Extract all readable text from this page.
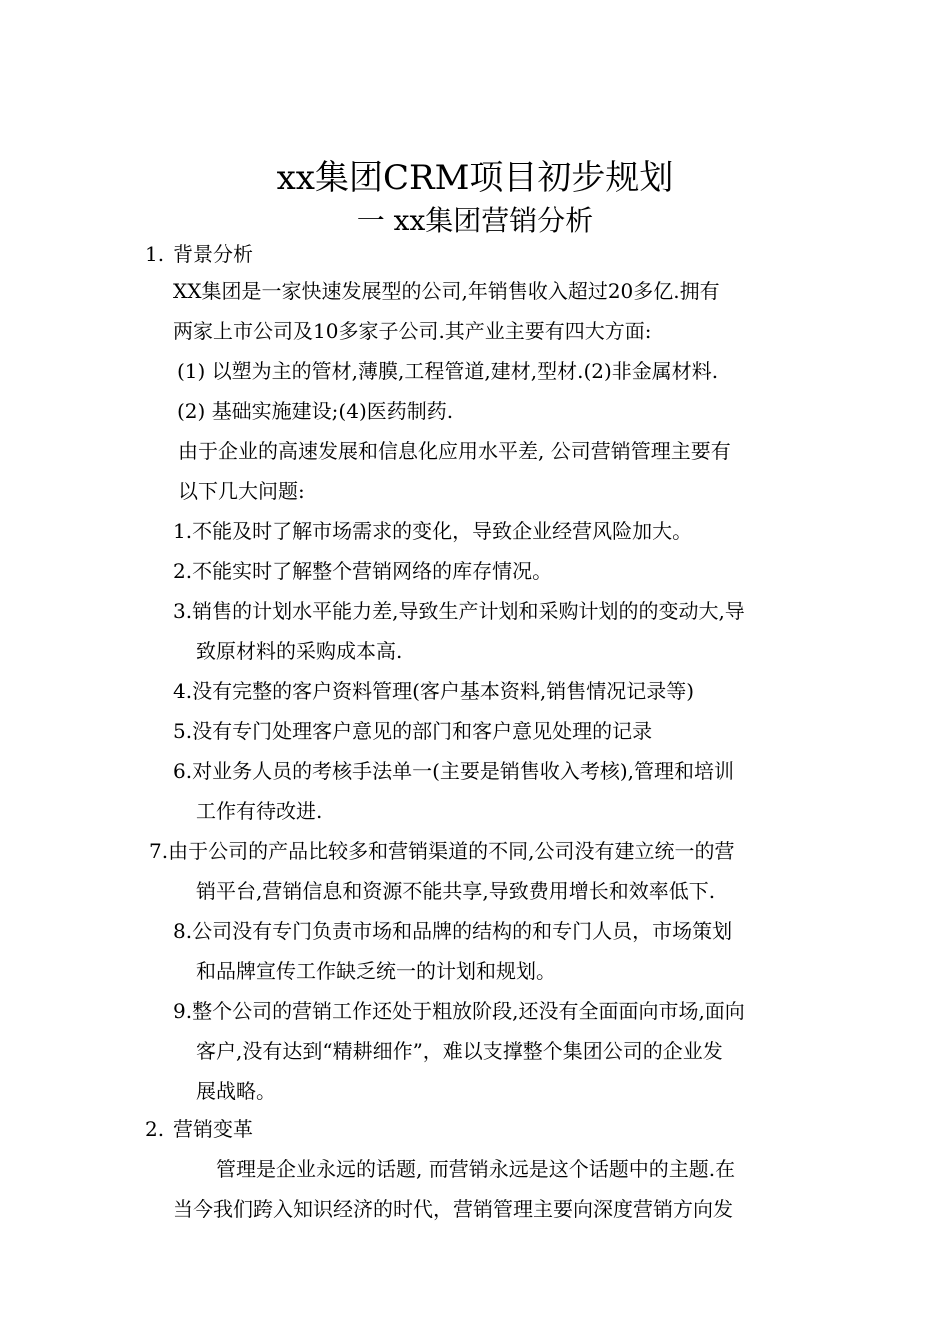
xx集团CRM项目初步规划
一 xx集团营销分析
1. 背景分析
XX集团是一家快速发展型的公司,年销售收入超过20多亿.拥有
两家上市公司及10多家子公司.其产业主要有四大方面:
(1) 以塑为主的管材,薄膜,工程管道,建材,型材.(2)非金属材料.
(2) 基础实施建设;(4)医药制药.
由于企业的高速发展和信息化应用水平差, 公司营销管理主要有
以下几大问题:
1.不能及时了解市场需求的变化，导致企业经营风险加大。
2.不能实时了解整个营销网络的库存情况。
3.销售的计划水平能力差,导致生产计划和采购计划的的变动大,导
致原材料的采购成本高.
4.没有完整的客户资料管理(客户基本资料,销售情况记录等)
5.没有专门处理客户意见的部门和客户意见处理的记录
6.对业务人员的考核手法单一(主要是销售收入考核),管理和培训
工作有待改进.
7.由于公司的产品比较多和营销渠道的不同,公司没有建立统一的营
销平台,营销信息和资源不能共享,导致费用增长和效率低下.
8.公司没有专门负责市场和品牌的结构的和专门人员，市场策划
和品牌宣传工作缺乏统一的计划和规划。
9.整个公司的营销工作还处于粗放阶段,还没有全面面向市场,面向
客户,没有达到“精耕细作”，难以支撑整个集团公司的企业发
展战略。
2. 营销变革
管理是企业永远的话题, 而营销永远是这个话题中的主题.在
当今我们跨入知识经济的时代，营销管理主要向深度营销方向发
